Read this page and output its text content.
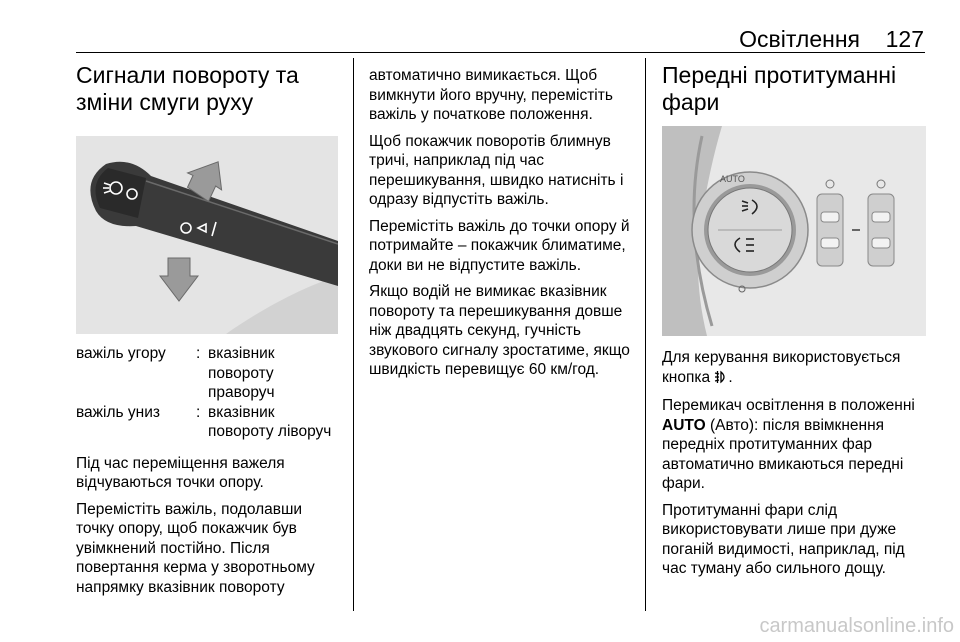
Освітлення	127
Сигнали повороту та зміни смуги руху
важіль угору	:	вказівник повороту праворуч
важіль униз	:	вказівник повороту ліворуч

Під час переміщення важеля відчуваються точки опору.

Перемістіть важіль, подолавши точку опору, щоб покажчик був увімкнений постійно. Після повертання керма у зворотньому напрямку вказівник повороту

автоматично вимикається. Щоб вимкнути його вручну, перемістіть важіль у початкове положення.

Щоб покажчик поворотів блимнув тричі, наприклад під час перешикування, швидко натисніть і одразу відпустіть важіль.

Перемістіть важіль до точки опору й потримайте – покажчик блиматиме, доки ви не відпустите важіль.

Якщо водій не вимикає вказівник повороту та перешикування довше ніж двадцять секунд, гучність звукового сигналу зростатиме, якщо швидкість перевищує 60 км/год.

Передні протитуманні фари
AUTO

Для керування використовується кнопка .

Перемикач освітлення в положенні
AUTO (Авто): після ввімкнення передніх протитуманних фар автоматично вмикаються передні фари.

Протитуманні фари слід використовувати лише при дуже поганій видимості, наприклад, під час туману або сильного дощу.

carmanualsonline.info
